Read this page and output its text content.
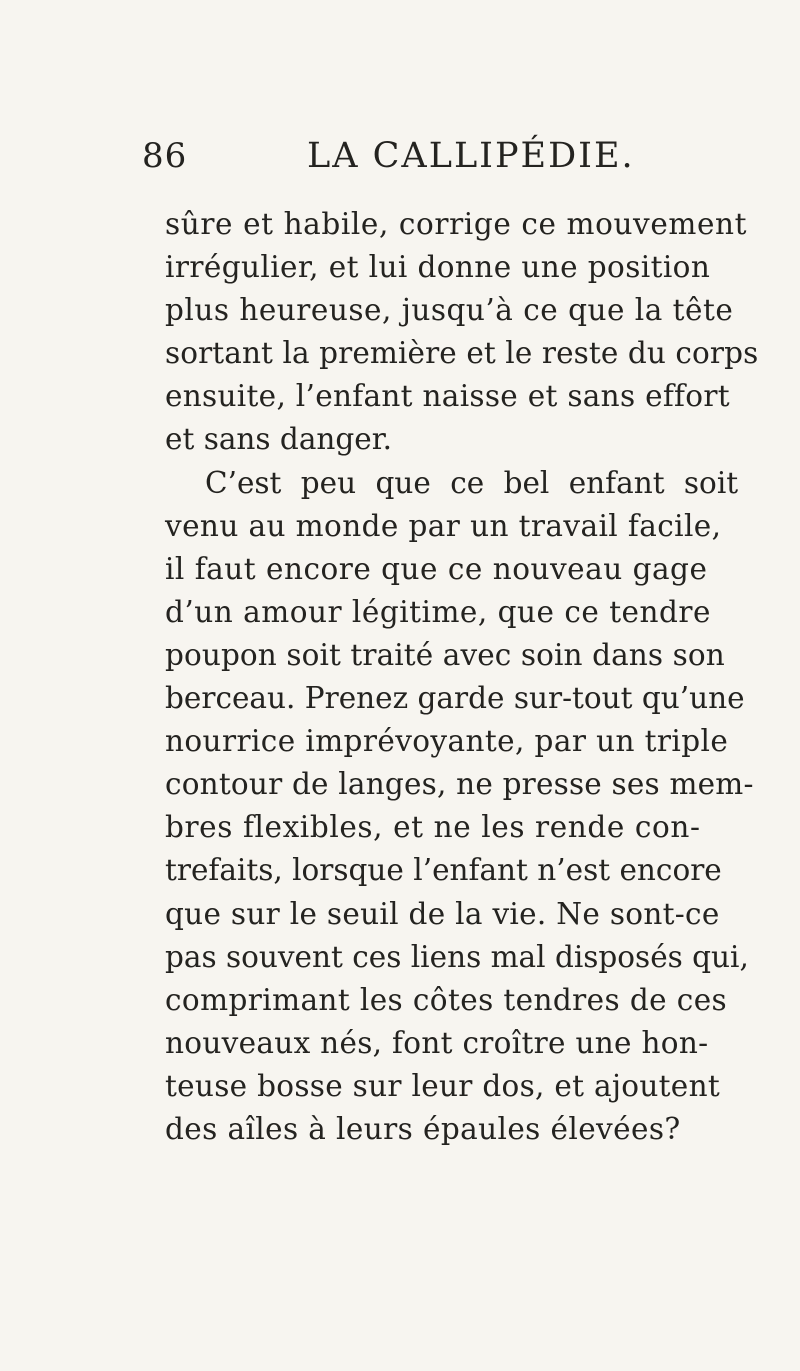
86	LA CALLIPÉDIE.
sûre et habile, corrige ce mouvement
irrégulier, et lui donne une position
plus heureuse, jusqu’à ce que la tête
sortant la première et le reste du corps
ensuite, l’enfant naisse et sans effort
et sans danger.
C’est peu que ce bel enfant soit
venu au monde par un travail facile,
il faut encore que ce nouveau gage
d’un amour légitime, que ce tendre
poupon soit traité avec soin dans son
berceau. Prenez garde sur-tout qu’une
nourrice imprévoyante, par un triple
contour de langes, ne presse ses mem-
bres flexibles, et ne les rende con-
trefaits, lorsque l’enfant n’est encore
que sur le seuil de la vie. Ne sont-ce
pas souvent ces liens mal disposés qui,
comprimant les côtes tendres de ces
nouveaux nés, font croître une hon-
teuse bosse sur leur dos, et ajoutent
des aîles à leurs épaules élevées?
